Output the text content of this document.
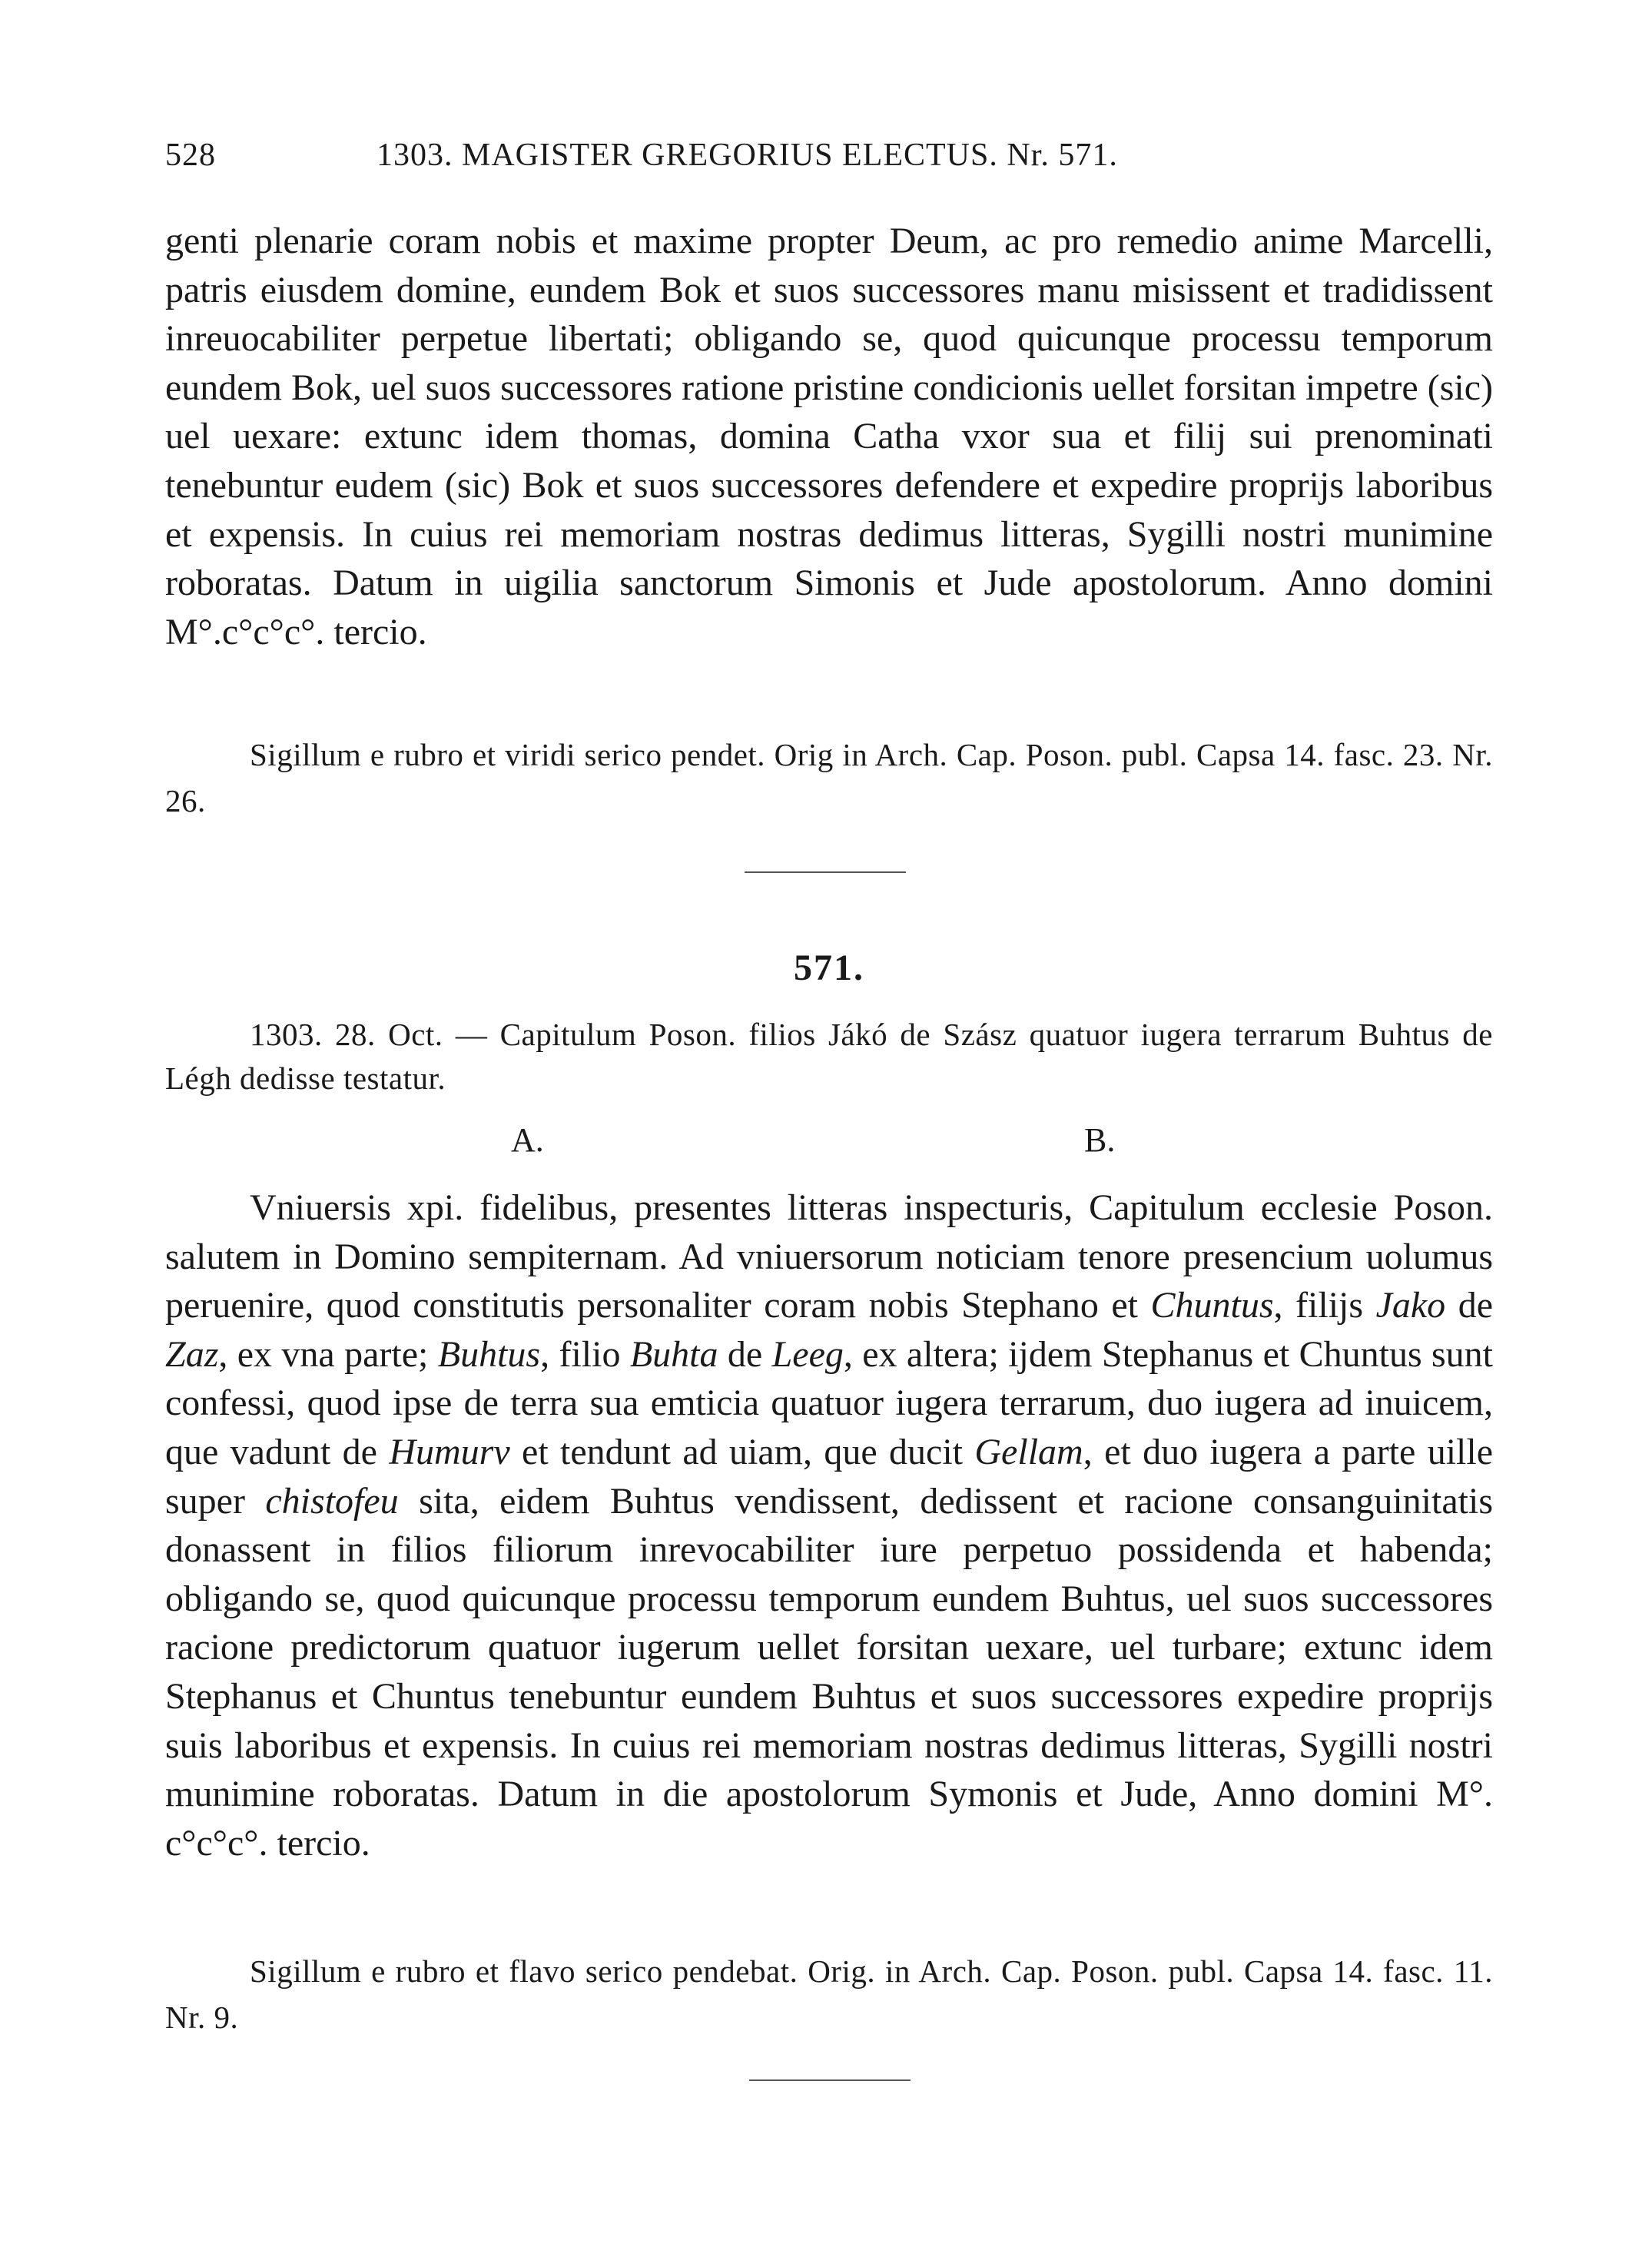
528	1303. MAGISTER GREGORIUS ELECTUS. Nr. 571.

genti plenarie coram nobis et maxime propter Deum, ac pro remedio anime Marcelli, patris eiusdem domine, eundem Bok et suos successores manu misissent et tradidissent inreuocabiliter perpetue libertati; obligando se, quod quicunque processu temporum eundem Bok, uel suos successores ratione pristine condicionis uellet forsitan impetre (sic) uel uexare: extunc idem thomas, domina Catha vxor sua et filij sui prenominati tenebuntur eudem (sic) Bok et suos successores defendere et expedire proprijs laboribus et expensis. In cuius rei memoriam nostras dedimus litteras, Sygilli nostri munimine roboratas. Datum in uigilia sanctorum Simonis et Jude apostolorum. Anno domini M°.c°c°c°. tercio.

Sigillum e rubro et viridi serico pendet. Orig in Arch. Cap. Poson. publ. Capsa 14. fasc. 23. Nr. 26.

571.

1303. 28. Oct. — Capitulum Poson. filios Jákó de Szász quatuor iugera terrarum Buhtus de Légh dedisse testatur.

A.	B.

Vniuersis xpi. fidelibus, presentes litteras inspecturis, Capitulum ecclesie Poson. salutem in Domino sempiternam. Ad vniuersorum noticiam tenore presencium uolumus peruenire, quod constitutis personaliter coram nobis Stephano et Chuntus, filijs Jako de Zaz, ex vna parte; Buhtus, filio Buhta de Leeg, ex altera; ijdem Stephanus et Chuntus sunt confessi, quod ipse de terra sua emticia quatuor iugera terrarum, duo iugera ad inuicem, que vadunt de Humurv et tendunt ad uiam, que ducit Gellam, et duo iugera a parte uille super chistofeu sita, eidem Buhtus vendissent, dedissent et racione consanguinitatis donassent in filios filiorum inrevocabiliter iure perpetuo possidenda et habenda; obligando se, quod quicunque processu temporum eundem Buhtus, uel suos successores racione predictorum quatuor iugerum uellet forsitan uexare, uel turbare; extunc idem Stephanus et Chuntus tenebuntur eundem Buhtus et suos successores expedire proprijs suis laboribus et expensis. In cuius rei memoriam nostras dedimus litteras, Sygilli nostri munimine roboratas. Datum in die apostolorum Symonis et Jude, Anno domini M°. c°c°c°. tercio.

Sigillum e rubro et flavo serico pendebat. Orig. in Arch. Cap. Poson. publ. Capsa 14. fasc. 11. Nr. 9.
